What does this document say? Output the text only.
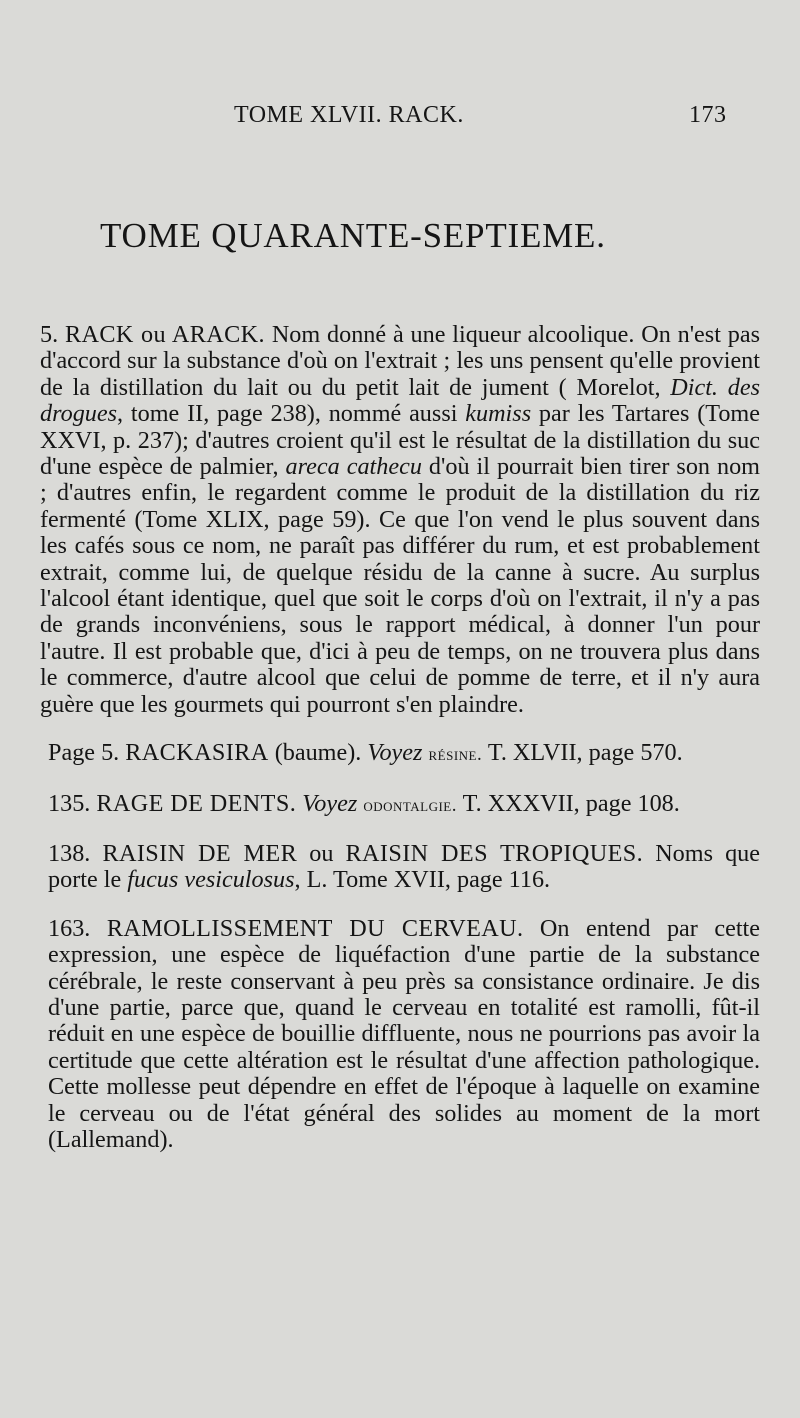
TOME XLVII. RACK.	173
TOME QUARANTE-SEPTIEME.

5. RACK ou ARACK. Nom donné à une liqueur alcoolique. On n'est pas d'accord sur la substance d'où on l'extrait ; les uns pensent qu'elle provient de la distillation du lait ou du petit lait de jument ( Morelot, Dict. des drogues, tome II, page 238), nommé aussi kumiss par les Tartares (Tome XXVI, p. 237); d'autres croient qu'il est le résultat de la distillation du suc d'une espèce de palmier, areca cathecu d'où il pourrait bien tirer son nom ; d'autres enfin, le regardent comme le produit de la distillation du riz fermenté (Tome XLIX, page 59). Ce que l'on vend le plus souvent dans les cafés sous ce nom, ne paraît pas différer du rum, et est probablement extrait, comme lui, de quelque résidu de la canne à sucre. Au surplus l'alcool étant identique, quel que soit le corps d'où on l'extrait, il n'y a pas de grands inconvéniens, sous le rapport médical, à donner l'un pour l'autre. Il est probable que, d'ici à peu de temps, on ne trouvera plus dans le commerce, d'autre alcool que celui de pomme de terre, et il n'y aura guère que les gourmets qui pourront s'en plaindre.

Page 5. RACKASIRA (baume). Voyez résine. T. XLVII, page 570.

135. RAGE DE DENTS. Voyez odontalgie. T. XXXVII, page 108.

138. RAISIN DE MER ou RAISIN DES TROPIQUES. Noms que porte le fucus vesiculosus, L. Tome XVII, page 116.

163. RAMOLLISSEMENT DU CERVEAU. On entend par cette expression, une espèce de liquéfaction d'une partie de la substance cérébrale, le reste conservant à peu près sa consistance ordinaire. Je dis d'une partie, parce que, quand le cerveau en totalité est ramolli, fût-il réduit en une espèce de bouillie diffluente, nous ne pourrions pas avoir la certitude que cette altération est le résultat d'une affection pathologique. Cette mollesse peut dépendre en effet de l'époque à laquelle on examine le cerveau ou de l'état général des solides au moment de la mort (Lallemand).
